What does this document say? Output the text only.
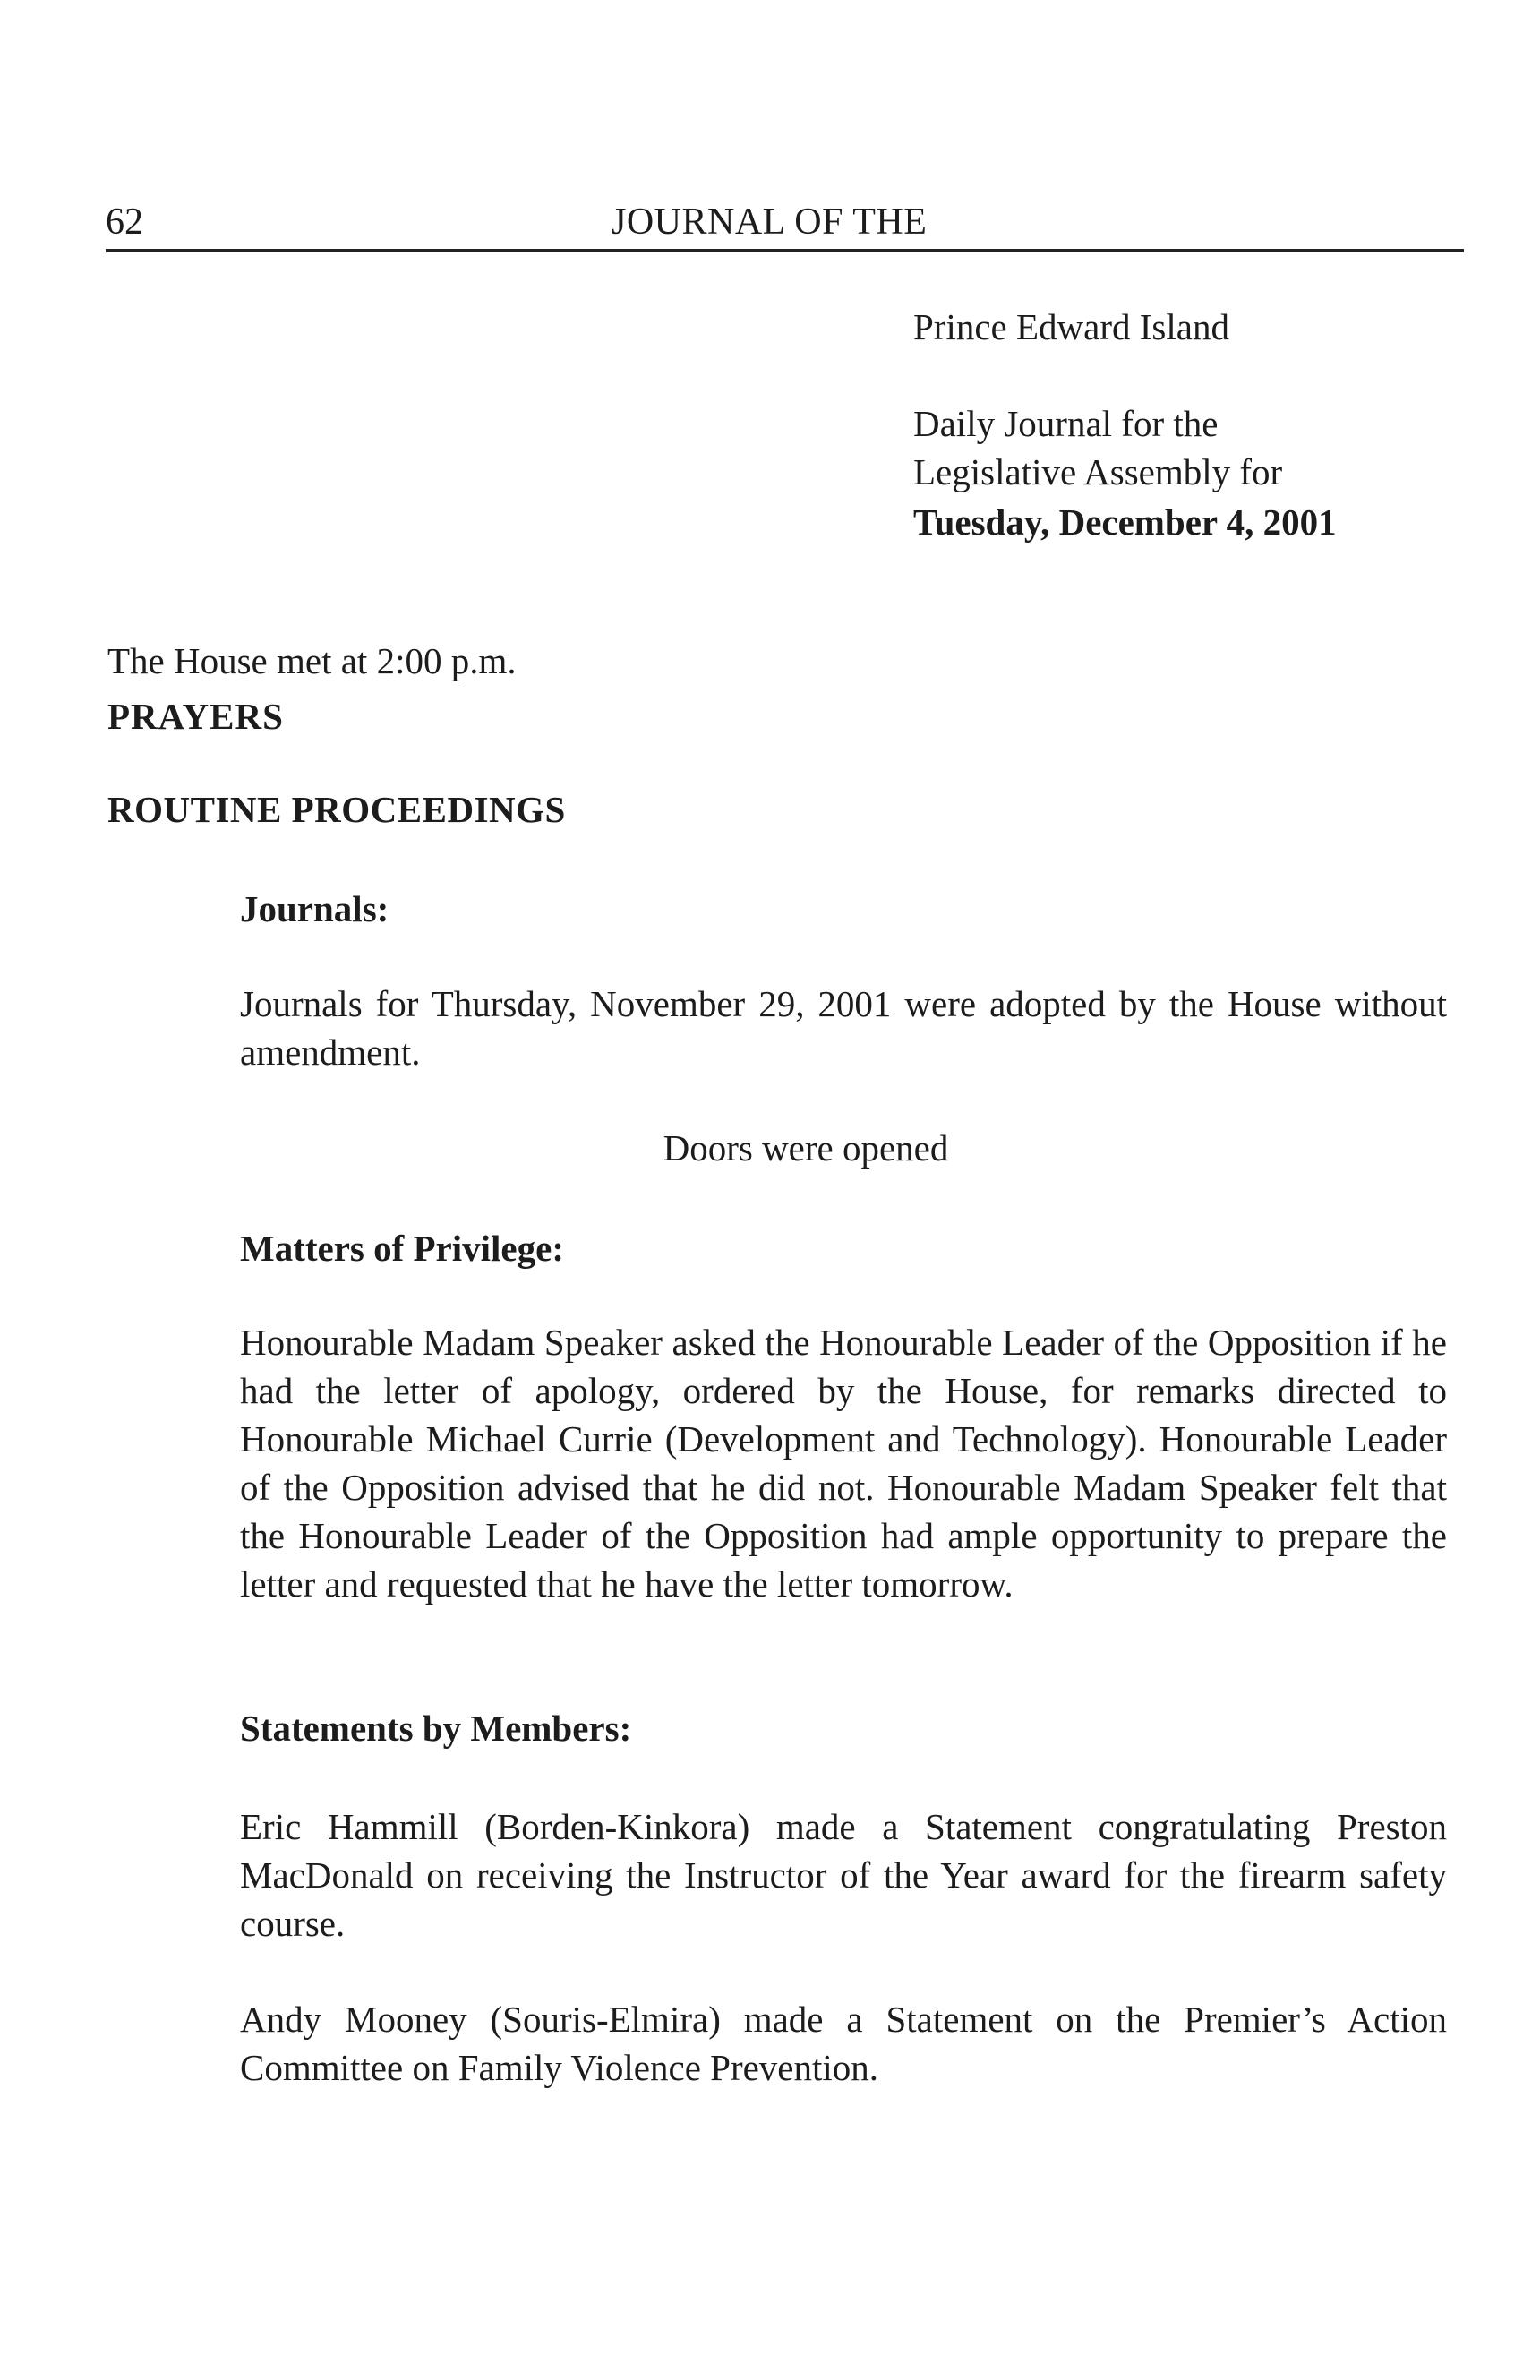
62	JOURNAL OF THE
Prince Edward Island
Daily Journal for the
Legislative Assembly for
Tuesday, December 4, 2001
The House met at 2:00 p.m.
PRAYERS
ROUTINE PROCEEDINGS
Journals:

Journals for Thursday, November 29, 2001 were adopted by the House without amendment.

Doors were opened
Matters of Privilege:

Honourable Madam Speaker asked the Honourable Leader of the Opposition if he had the letter of apology, ordered by the House, for remarks directed to Honourable Michael Currie (Development and Technology). Honourable Leader of the Opposition advised that he did not. Honourable Madam Speaker felt that the Honourable Leader of the Opposition had ample opportunity to prepare the letter and requested that he have the letter tomorrow.

Statements by Members:

Eric Hammill (Borden-Kinkora) made a Statement congratulating Preston MacDonald on receiving the Instructor of the Year award for the firearm safety course.

Andy Mooney (Souris-Elmira) made a Statement on the Premier’s Action Committee on Family Violence Prevention.
